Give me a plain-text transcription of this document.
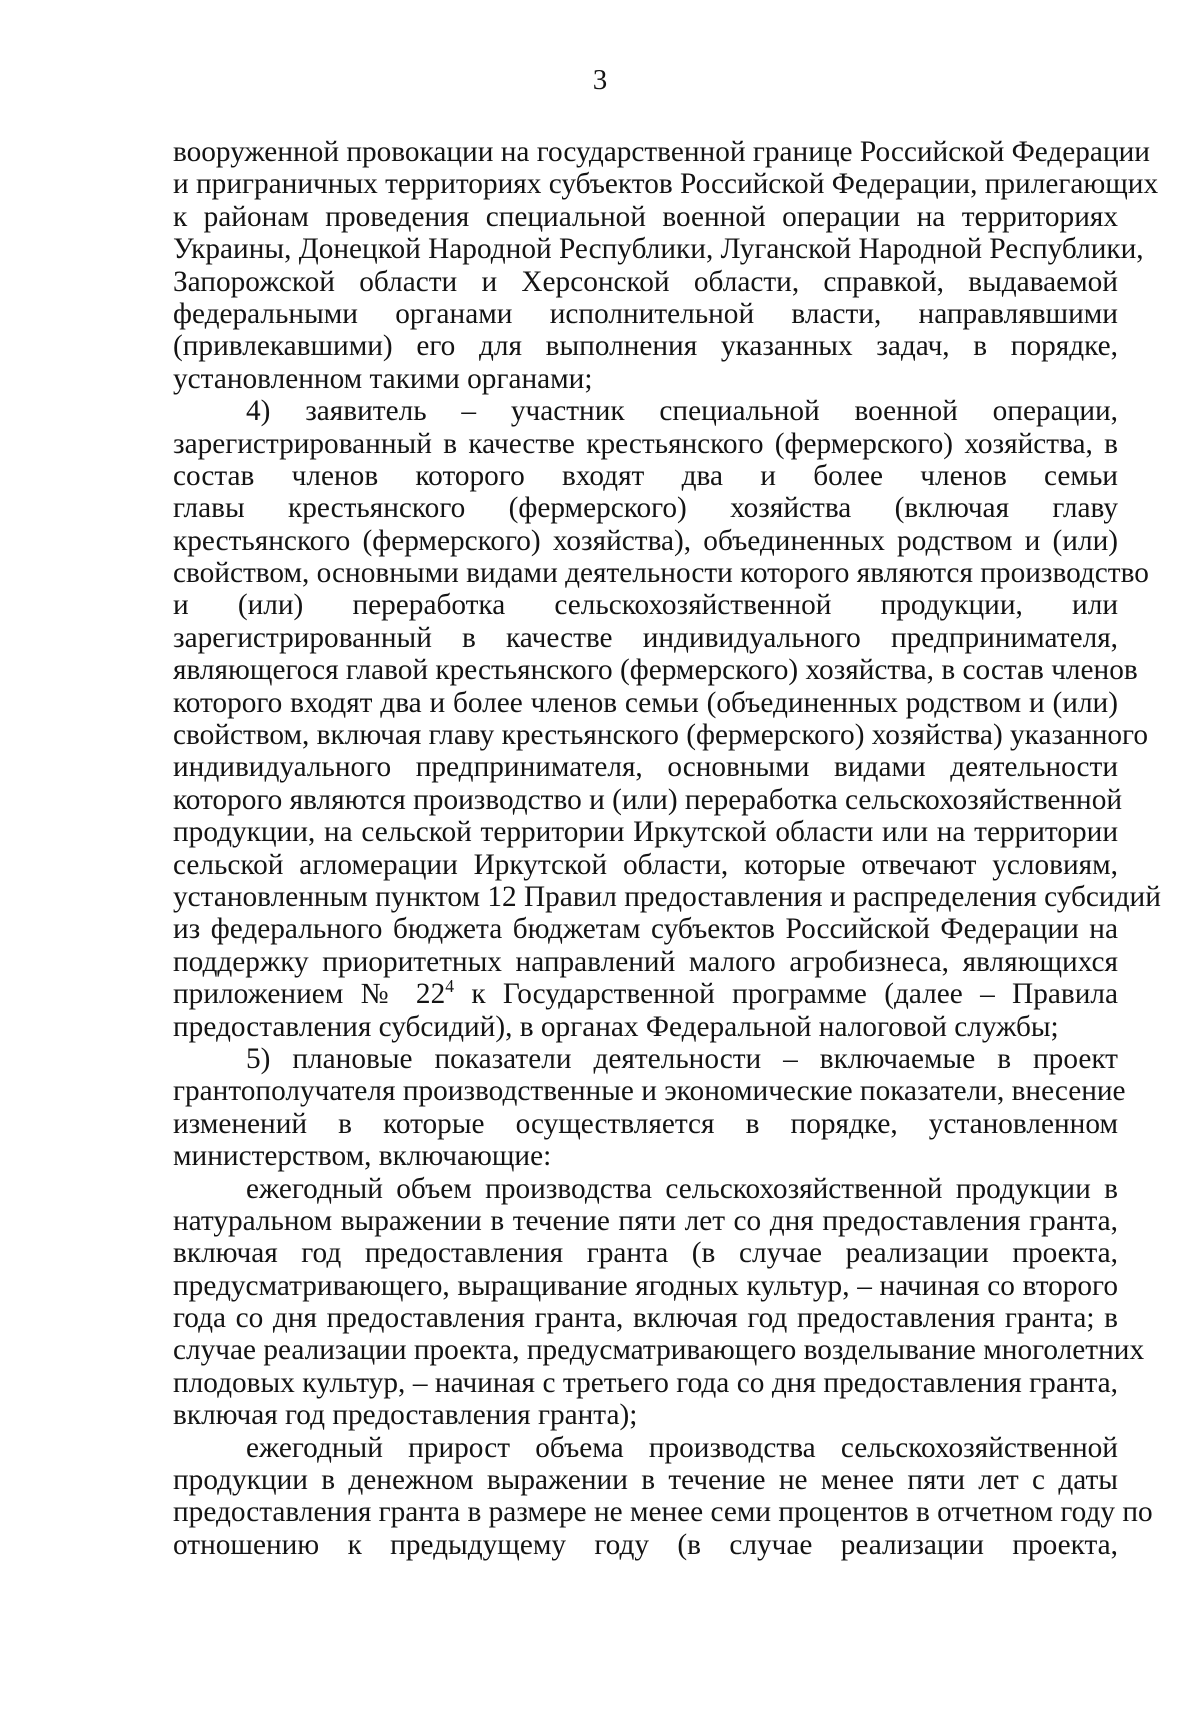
3
вооруженной провокации на государственной границе Российской Федерации
и приграничных территориях субъектов Российской Федерации, прилегающих
к районам проведения специальной военной операции на территориях
Украины, Донецкой Народной Республики, Луганской Народной Республики,
Запорожской области и Херсонской области, справкой, выдаваемой
федеральными органами исполнительной власти, направлявшими
(привлекавшими) его для выполнения указанных задач, в порядке,
установленном такими органами;
4) заявитель – участник специальной военной операции,
зарегистрированный в качестве крестьянского (фермерского) хозяйства, в
состав членов которого входят два и более членов семьи
главы крестьянского (фермерского) хозяйства (включая главу
крестьянского (фермерского) хозяйства), объединенных родством и (или)
свойством, основными видами деятельности которого являются производство
и (или) переработка сельскохозяйственной продукции, или
зарегистрированный в качестве индивидуального предпринимателя,
являющегося главой крестьянского (фермерского) хозяйства, в состав членов
которого входят два и более членов семьи (объединенных родством и (или)
свойством, включая главу крестьянского (фермерского) хозяйства) указанного
индивидуального предпринимателя, основными видами деятельности
которого являются производство и (или) переработка сельскохозяйственной
продукции, на сельской территории Иркутской области или на территории
сельской агломерации Иркутской области, которые отвечают условиям,
установленным пунктом 12 Правил предоставления и распределения субсидий
из федерального бюджета бюджетам субъектов Российской Федерации на
поддержку приоритетных направлений малого агробизнеса, являющихся
приложением № $22^4$ к Государственной программе (далее – Правила
предоставления субсидий), в органах Федеральной налоговой службы;
5) плановые показатели деятельности – включаемые в проект
грантополучателя производственные и экономические показатели, внесение
изменений в которые осуществляется в порядке, установленном
министерством, включающие:
ежегодный объем производства сельскохозяйственной продукции в
натуральном выражении в течение пяти лет со дня предоставления гранта,
включая год предоставления гранта (в случае реализации проекта,
предусматривающего, выращивание ягодных культур, – начиная со второго
года со дня предоставления гранта, включая год предоставления гранта; в
случае реализации проекта, предусматривающего возделывание многолетних
плодовых культур, – начиная с третьего года со дня предоставления гранта,
включая год предоставления гранта);
ежегодный прирост объема производства сельскохозяйственной
продукции в денежном выражении в течение не менее пяти лет с даты
предоставления гранта в размере не менее семи процентов в отчетном году по
отношению к предыдущему году (в случае реализации проекта,
